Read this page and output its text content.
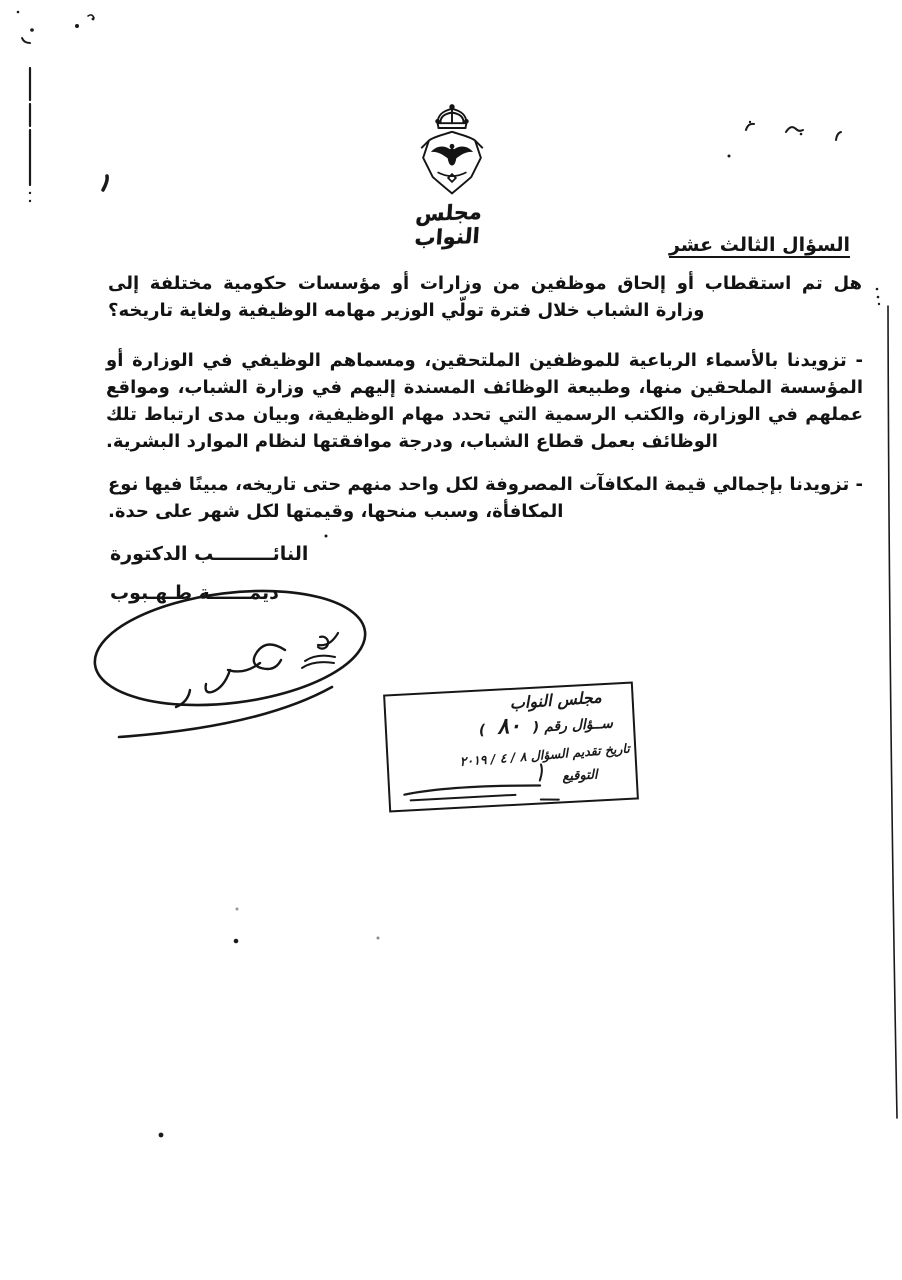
مجلس النواب	السؤال الثالث عشر

هل تم استقطاب أو إلحاق موظفين من وزارات أو مؤسسات حكومية مختلفة إلى وزارة الشباب خلال فترة تولّي الوزير مهامه الوظيفية ولغاية تاريخه؟

- تزويدنا بالأسماء الرباعية للموظفين الملتحقين، ومسماهم الوظيفي في الوزارة أو المؤسسة الملحقين منها، وطبيعة الوظائف المسندة إليهم في وزارة الشباب، ومواقع عملهم في الوزارة، والكتب الرسمية التي تحدد مهام الوظيفية، وبيان مدى ارتباط تلك الوظائف بعمل قطاع الشباب، ودرجة موافقتها لنظام الموارد البشرية.

- تزويدنا بإجمالي قيمة المكافآت المصروفة لكل واحد منهم حتى تاريخه، مبينًا فيها نوع المكافأة، وسبب منحها، وقيمتها لكل شهر على حدة.

النائـــــــــب الدكتورة
ديمــــــة طـهـبوب
مجلس النواب
ســؤال رقم (٨٠)
تاريخ تقديم السؤال ٨ / ٤ / ٢٠١٩
التوقيع
